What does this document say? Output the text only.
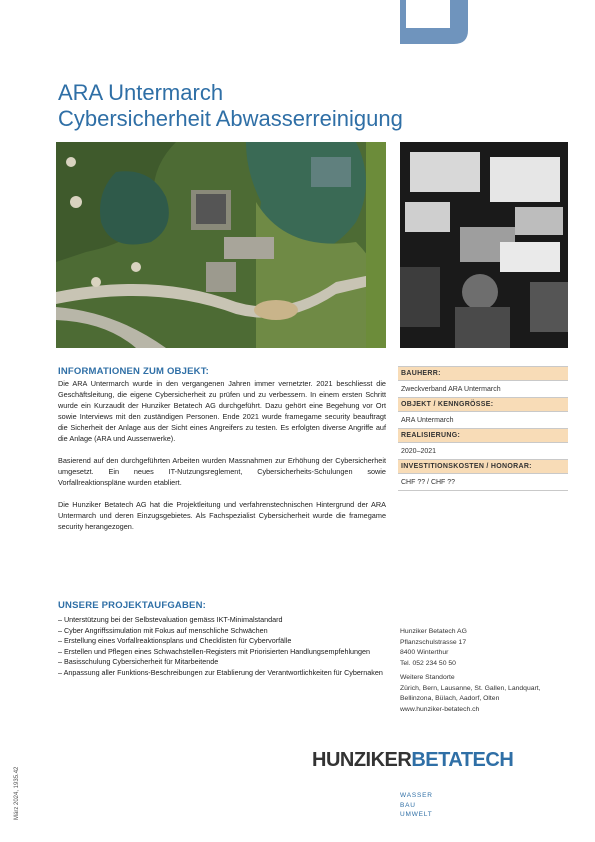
ARA Untermarch
Cybersicherheit Abwasserreinigung
INFORMATIONEN ZUM OBJEKT:

Die ARA Untermarch wurde in den vergangenen Jahren immer vernetzter. 2021 beschliesst die Geschäftsleitung, die eigene Cybersicherheit zu prüfen und zu verbessern. In einem ersten Schritt wurde ein Kurzaudit der Hunziker Betatech AG durchgeführt. Dazu gehört eine Begehung vor Ort sowie Interviews mit den zuständigen Personen. Ende 2021 wurde framegame security beauftragt die Sicherheit der Anlage aus der Sicht eines Angreifers zu testen. Es erfolgten diverse Angriffe auf die Anlage (ARA und Aussenwerke).

Basierend auf den durchgeführten Arbeiten wurden Massnahmen zur Erhöhung der Cybersicherheit umgesetzt. Ein neues IT-Nutzungsreglement, Cybersicherheits-Schulungen sowie Vorfallreaktionspläne wurden etabliert.

Die Hunziker Betatech AG hat die Projektleitung und verfahrenstechnischen Hintergrund der ARA Untermarch und deren Einzugsgebietes. Als Fachspezialist Cybersicherheit wurde die framegame security herangezogen.

BAUHERR:
Zweckverband ARA Untermarch
OBJEKT / KENNGRÖSSE:
ARA Untermarch
REALISIERUNG:
2020–2021
INVESTITIONSKOSTEN / HONORAR:
CHF ?? / CHF ??
UNSERE PROJEKTAUFGABEN:
– Unterstützung bei der Selbstevaluation gemäss IKT-Minimalstandard
– Cyber Angriffssimulation mit Fokus auf menschliche Schwächen
– Erstellung eines Vorfallreaktionsplans und Checklisten für Cybervorfälle
– Erstellen und Pflegen eines Schwachstellen-Registers mit Priorisierten Handlungsempfehlungen
– Basisschulung Cybersicherheit für Mitarbeitende
– Anpassung aller Funktions-Beschreibungen zur Etablierung der Verantwortlichkeiten für Cybernaken
Hunziker Betatech AG
Pflanzschulstrasse 17
8400 Winterthur
Tel. 052 234 50 50
Weitere Standorte
Zürich, Bern, Lausanne, St. Gallen, Landquart,
Bellinzona, Bülach, Aadorf, Olten
www.hunziker-betatech.ch
März 2024, 1935.42
HUNZIKERBETATECH
WASSER
BAU
UMWELT
